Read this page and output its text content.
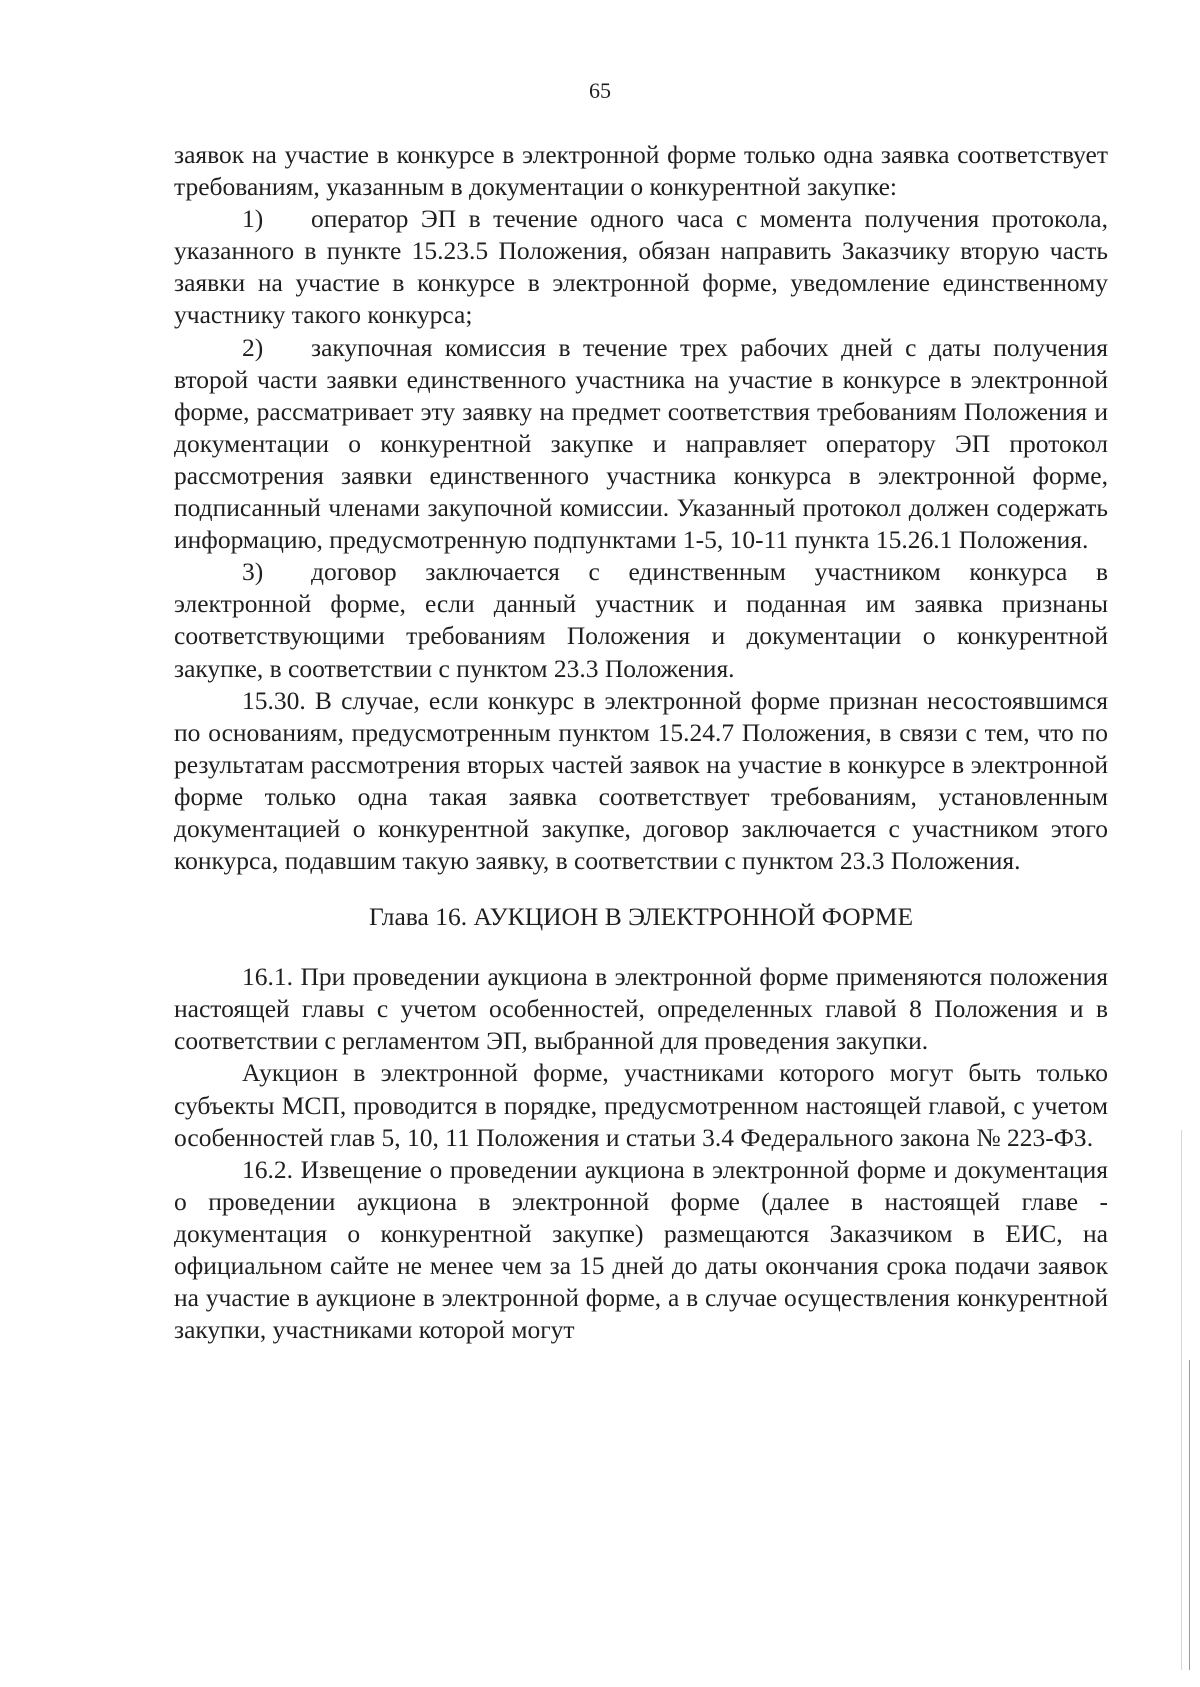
65

заявок на участие в конкурсе в электронной форме только одна заявка соответствует требованиям, указанным в документации о конкурентной закупке:

1) оператор ЭП в течение одного часа с момента получения протокола, указанного в пункте 15.23.5 Положения, обязан направить Заказчику вторую часть заявки на участие в конкурсе в электронной форме, уведомление единственному участнику такого конкурса;

2) закупочная комиссия в течение трех рабочих дней с даты получения второй части заявки единственного участника на участие в конкурсе в электронной форме, рассматривает эту заявку на предмет соответствия требованиям Положения и документации о конкурентной закупке и направляет оператору ЭП протокол рассмотрения заявки единственного участника конкурса в электронной форме, подписанный членами закупочной комиссии. Указанный протокол должен содержать информацию, предусмотренную подпунктами 1-5, 10-11 пункта 15.26.1 Положения.

3) договор заключается с единственным участником конкурса в электронной форме, если данный участник и поданная им заявка признаны соответствующими требованиям Положения и документации о конкурентной закупке, в соответствии с пунктом 23.3 Положения.

15.30. В случае, если конкурс в электронной форме признан несостоявшимся по основаниям, предусмотренным пунктом 15.24.7 Положения, в связи с тем, что по результатам рассмотрения вторых частей заявок на участие в конкурсе в электронной форме только одна такая заявка соответствует требованиям, установленным документацией о конкурентной закупке, договор заключается с участником этого конкурса, подавшим такую заявку, в соответствии с пунктом 23.3 Положения.

Глава 16. АУКЦИОН В ЭЛЕКТРОННОЙ ФОРМЕ

16.1. При проведении аукциона в электронной форме применяются положения настоящей главы с учетом особенностей, определенных главой 8 Положения и в соответствии с регламентом ЭП, выбранной для проведения закупки.

Аукцион в электронной форме, участниками которого могут быть только субъекты МСП, проводится в порядке, предусмотренном настоящей главой, с учетом особенностей глав 5, 10, 11 Положения и статьи 3.4 Федерального закона № 223-ФЗ.

16.2. Извещение о проведении аукциона в электронной форме и документация о проведении аукциона в электронной форме (далее в настоящей главе - документация о конкурентной закупке) размещаются Заказчиком в ЕИС, на официальном сайте не менее чем за 15 дней до даты окончания срока подачи заявок на участие в аукционе в электронной форме, а в случае осуществления конкурентной закупки, участниками которой могут
